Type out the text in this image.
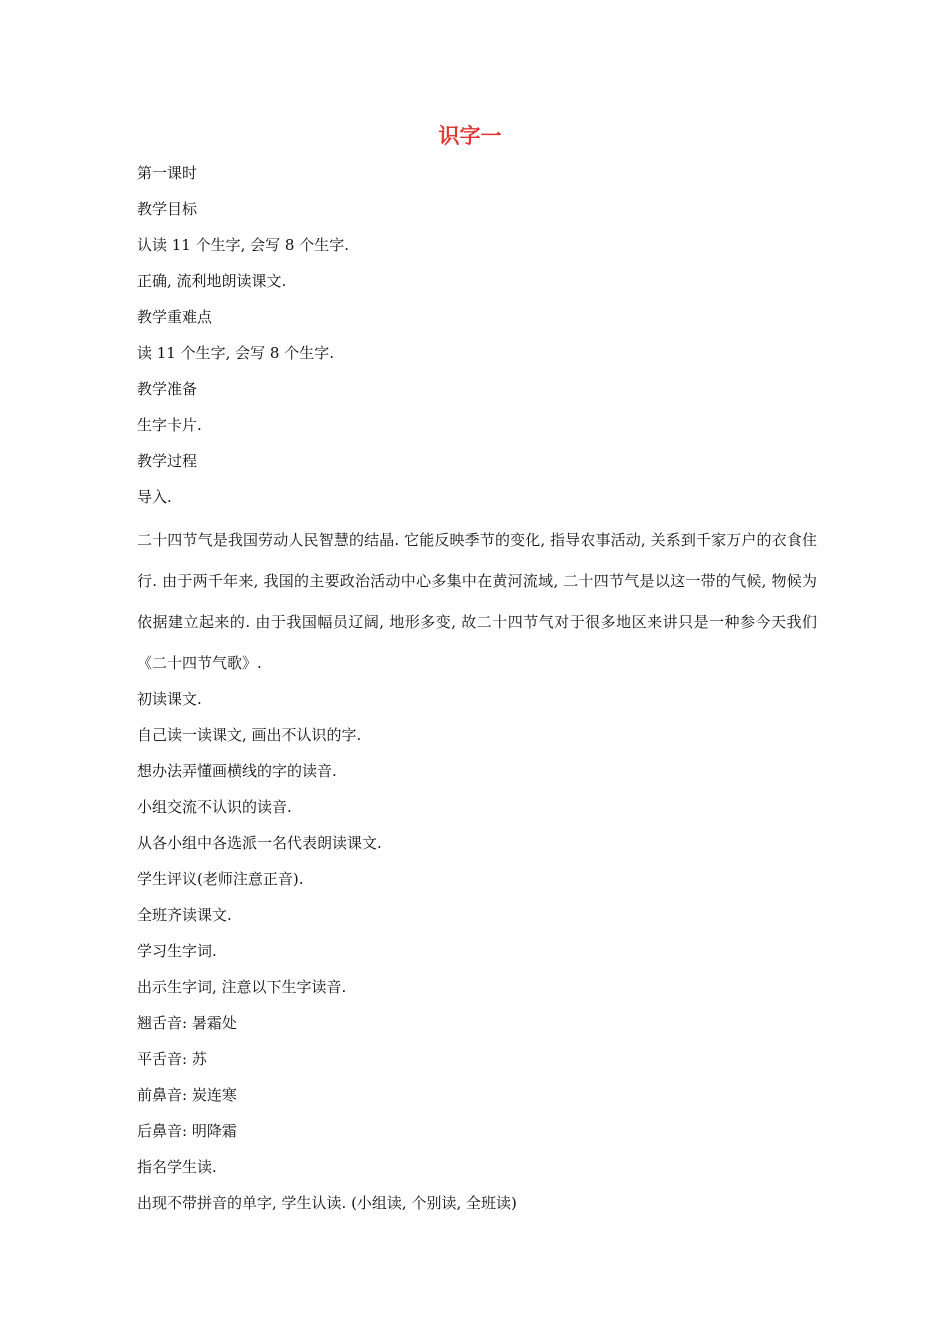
识字一
第一课时
教学目标
认读 11 个生字, 会写 8 个生字.
正确, 流利地朗读课文.
教学重难点
读 11 个生字, 会写 8 个生字.
教学准备
生字卡片.
教学过程
导入.

二十四节气是我国劳动人民智慧的结晶. 它能反映季节的变化, 指导农事活动, 关系到千家万户的衣食住行. 由于两千年来, 我国的主要政治活动中心多集中在黄河流域, 二十四节气是以这一带的气候, 物候为依据建立起来的. 由于我国幅员辽阔, 地形多变, 故二十四节气对于很多地区来讲只是一种参今天我们《二十四节气歌》.

初读课文.
自己读一读课文, 画出不认识的字.
想办法弄懂画横线的字的读音.
小组交流不认识的读音.
从各小组中各选派一名代表朗读课文.
学生评议(老师注意正音).
全班齐读课文.
学习生字词.
出示生字词, 注意以下生字读音.
翘舌音: 暑霜处
平舌音: 苏
前鼻音: 炭连寒
后鼻音: 明降霜
指名学生读.
出现不带拼音的单字, 学生认读. (小组读, 个别读, 全班读)
